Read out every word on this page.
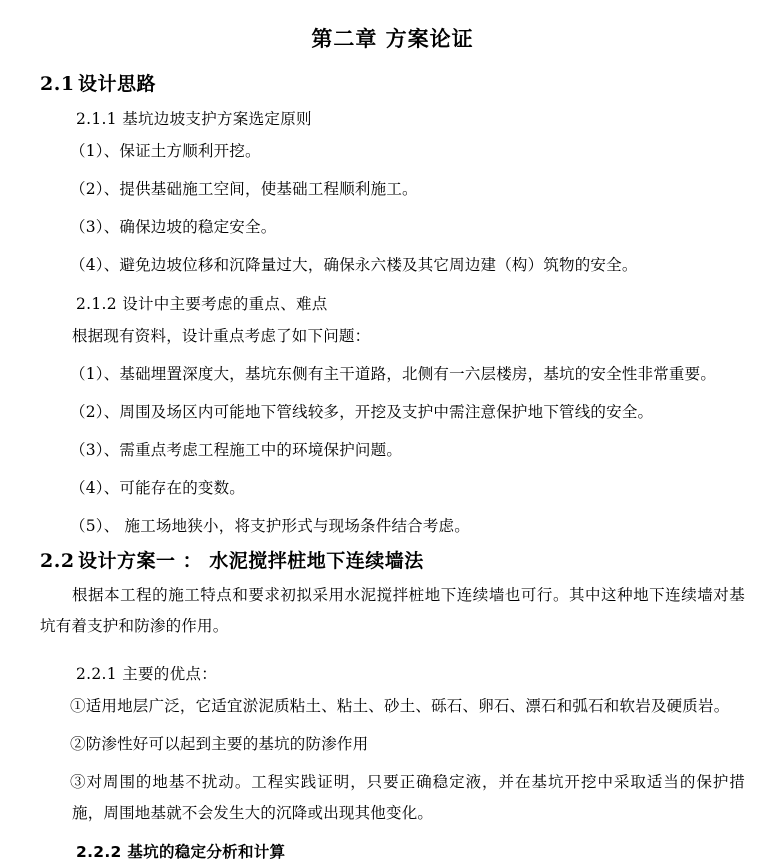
第二章 方案论证
2.1 设计思路
2.1.1 基坑边坡支护方案选定原则

（1）、保证土方顺利开挖。

（2）、提供基础施工空间，使基础工程顺利施工。

（3）、确保边坡的稳定安全。

（4）、避免边坡位移和沉降量过大，确保永六楼及其它周边建（构）筑物的安全。

2.1.2 设计中主要考虑的重点、难点

根据现有资料，设计重点考虑了如下问题：

（1）、基础埋置深度大，基坑东侧有主干道路，北侧有一六层楼房，基坑的安全性非常重要。

（2）、周围及场区内可能地下管线较多，开挖及支护中需注意保护地下管线的安全。

（3）、需重点考虑工程施工中的环境保护问题。

（4）、可能存在的变数。

（5）、 施工场地狭小，将支护形式与现场条件结合考虑。

2.2 设计方案一 ： 水泥搅拌桩地下连续墙法

根据本工程的施工特点和要求初拟采用水泥搅拌桩地下连续墙也可行。其中这种地下连续墙对基坑有着支护和防渗的作用。

2.2.1 主要的优点：

①适用地层广泛，它适宜淤泥质粘土、粘土、砂土、砾石、卵石、漂石和弧石和软岩及硬质岩。

②防渗性好可以起到主要的基坑的防渗作用

③对周围的地基不扰动。工程实践证明，只要正确稳定液，并在基坑开挖中采取适当的保护措施，周围地基就不会发生大的沉降或出现其他变化。

2.2.2 基坑的稳定分析和计算
